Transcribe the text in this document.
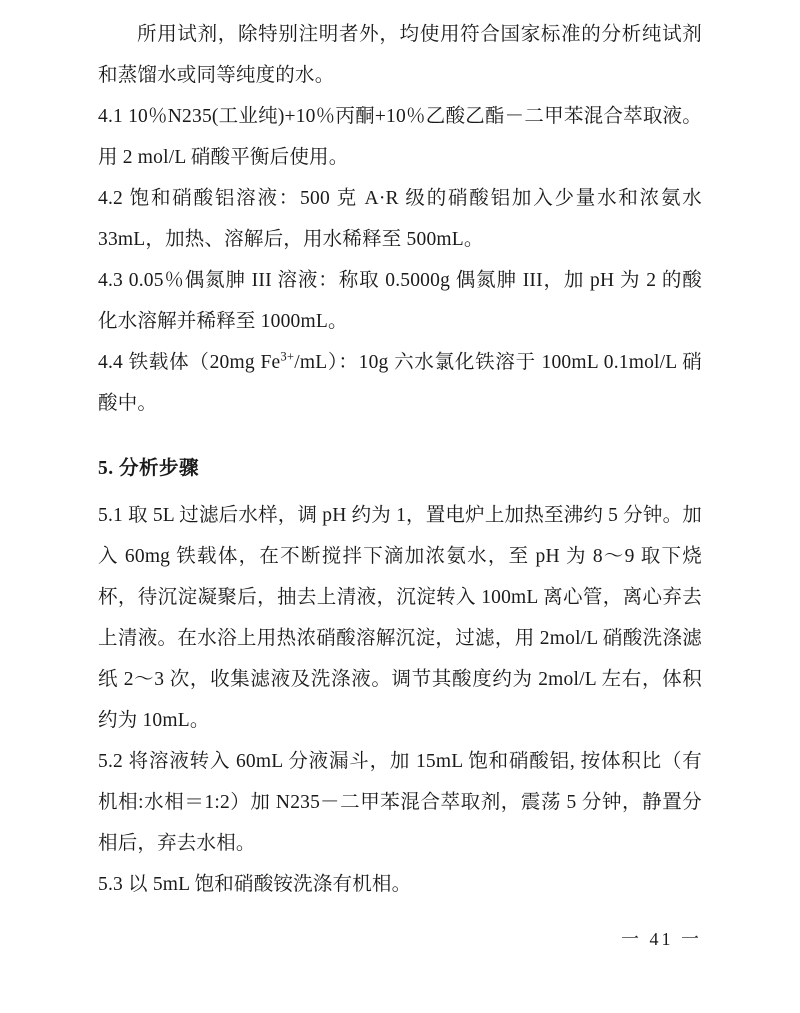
所用试剂，除特别注明者外，均使用符合国家标准的分析纯试剂和蒸馏水或同等纯度的水。

4.1 10％N235(工业纯)+10％丙酮+10％乙酸乙酯－二甲苯混合萃取液。用 2 mol/L 硝酸平衡后使用。

4.2 饱和硝酸铝溶液：500 克 A·R 级的硝酸铝加入少量水和浓氨水33mL，加热、溶解后，用水稀释至 500mL。

4.3 0.05％偶氮胂 III 溶液：称取 0.5000g 偶氮胂 III，加 pH 为 2 的酸化水溶解并稀释至 1000mL。

4.4 铁载体（20mg $Fe^{3+}/mL$）：10g 六水氯化铁溶于 100mL 0.1mol/L 硝酸中。

5. 分析步骤

5.1 取 5L 过滤后水样，调 pH 约为 1，置电炉上加热至沸约 5 分钟。加入 60mg 铁载体，在不断搅拌下滴加浓氨水，至 pH 为 8～9 取下烧杯，待沉淀凝聚后，抽去上清液，沉淀转入 100mL 离心管，离心弃去上清液。在水浴上用热浓硝酸溶解沉淀，过滤，用 2mol/L 硝酸洗涤滤纸 2～3 次，收集滤液及洗涤液。调节其酸度约为 2mol/L 左右，体积约为 10mL。

5.2 将溶液转入 60mL 分液漏斗，加 15mL 饱和硝酸铝, 按体积比（有机相:水相＝1:2）加 N235－二甲苯混合萃取剂，震荡 5 分钟，静置分相后，弃去水相。

5.3 以 5mL 饱和硝酸铵洗涤有机相。

一 41 一
